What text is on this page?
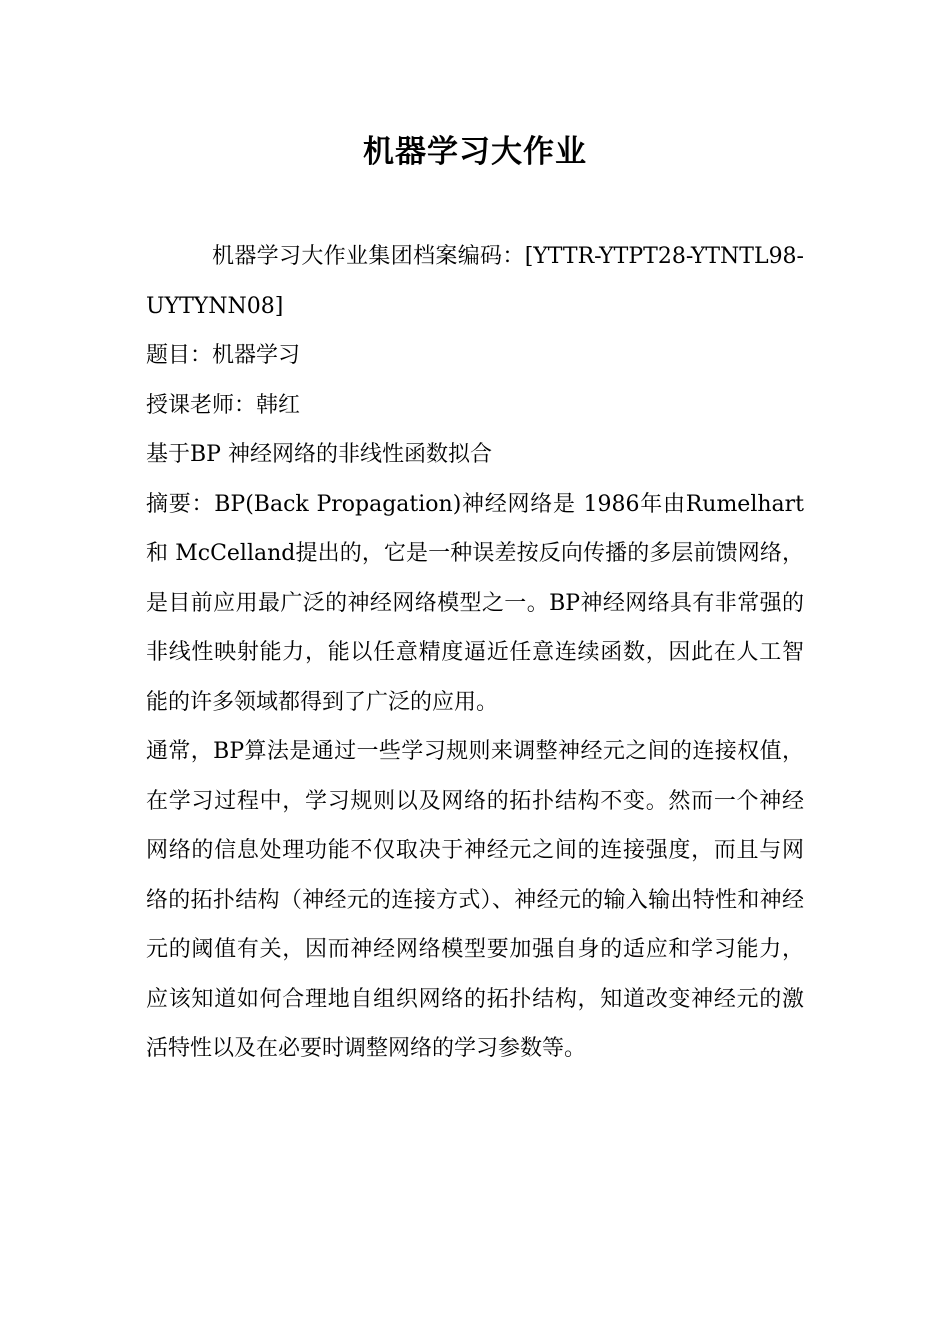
机器学习大作业

机器学习大作业集团档案编码：[YTTR-YTPT28-YTNTL98-UYTYNN08]

题目：机器学习

授课老师：韩红

基于BP 神经网络的非线性函数拟合

摘要：BP(Back Propagation)神经网络是 1986年由Rumelhart和 McCelland提出的，它是一种误差按反向传播的多层前馈网络，是目前应用最广泛的神经网络模型之一。BP神经网络具有非常强的非线性映射能力，能以任意精度逼近任意连续函数，因此在人工智能的许多领域都得到了广泛的应用。

通常，BP算法是通过一些学习规则来调整神经元之间的连接权值，在学习过程中，学习规则以及网络的拓扑结构不变。然而一个神经网络的信息处理功能不仅取决于神经元之间的连接强度，而且与网络的拓扑结构（神经元的连接方式）、神经元的输入输出特性和神经元的阈值有关，因而神经网络模型要加强自身的适应和学习能力，应该知道如何合理地自组织网络的拓扑结构，知道改变神经元的激活特性以及在必要时调整网络的学习参数等。
